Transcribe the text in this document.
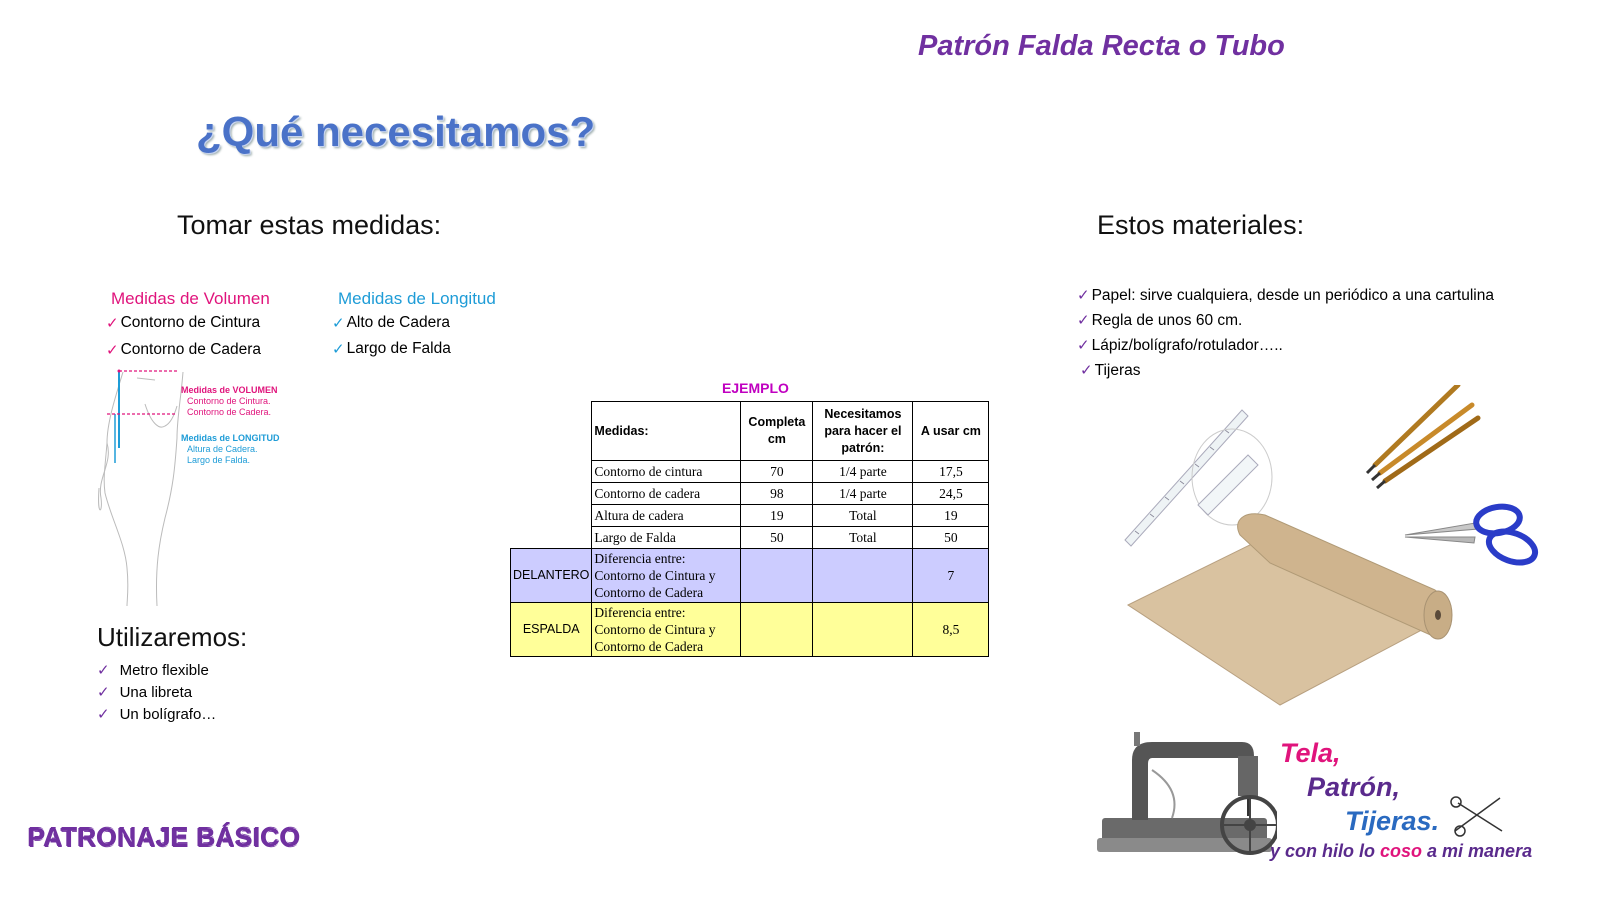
Patrón Falda Recta o Tubo
¿Qué necesitamos?
Tomar estas medidas:
Medidas de Volumen
✓ Contorno de Cintura
✓ Contorno de Cadera
Medidas de Longitud
✓ Alto de Cadera
✓ Largo de Falda
Medidas de VOLUMEN
Contorno de Cintura.
Contorno de Cadera.
Medidas de LONGITUD
Altura de Cadera.
Largo de Falda.
Utilizaremos:
✓ Metro flexible
✓ Una libreta
✓ Un bolígrafo…
EJEMPLO
	Medidas:	Completa cm	Necesitamos para hacer el patrón:	A usar cm
	Contorno de cintura	70	1/4 parte	17,5
	Contorno de cadera	98	1/4 parte	24,5
	Altura de cadera	19	Total	19
	Largo de Falda	50	Total	50
DELANTERO	Diferencia entre: Contorno de Cintura y Contorno de Cadera			7
ESPALDA	Diferencia entre: Contorno de Cintura y Contorno de Cadera			8,5
Estos materiales:
✓ Papel: sirve cualquiera, desde un periódico a una cartulina
✓ Regla de unos 60 cm.
✓ Lápiz/bolígrafo/rotulador…..
✓ Tijeras
PATRONAJE BÁSICO
Tela,
Patrón,
Tijeras.
y con hilo lo coso a mi manera
